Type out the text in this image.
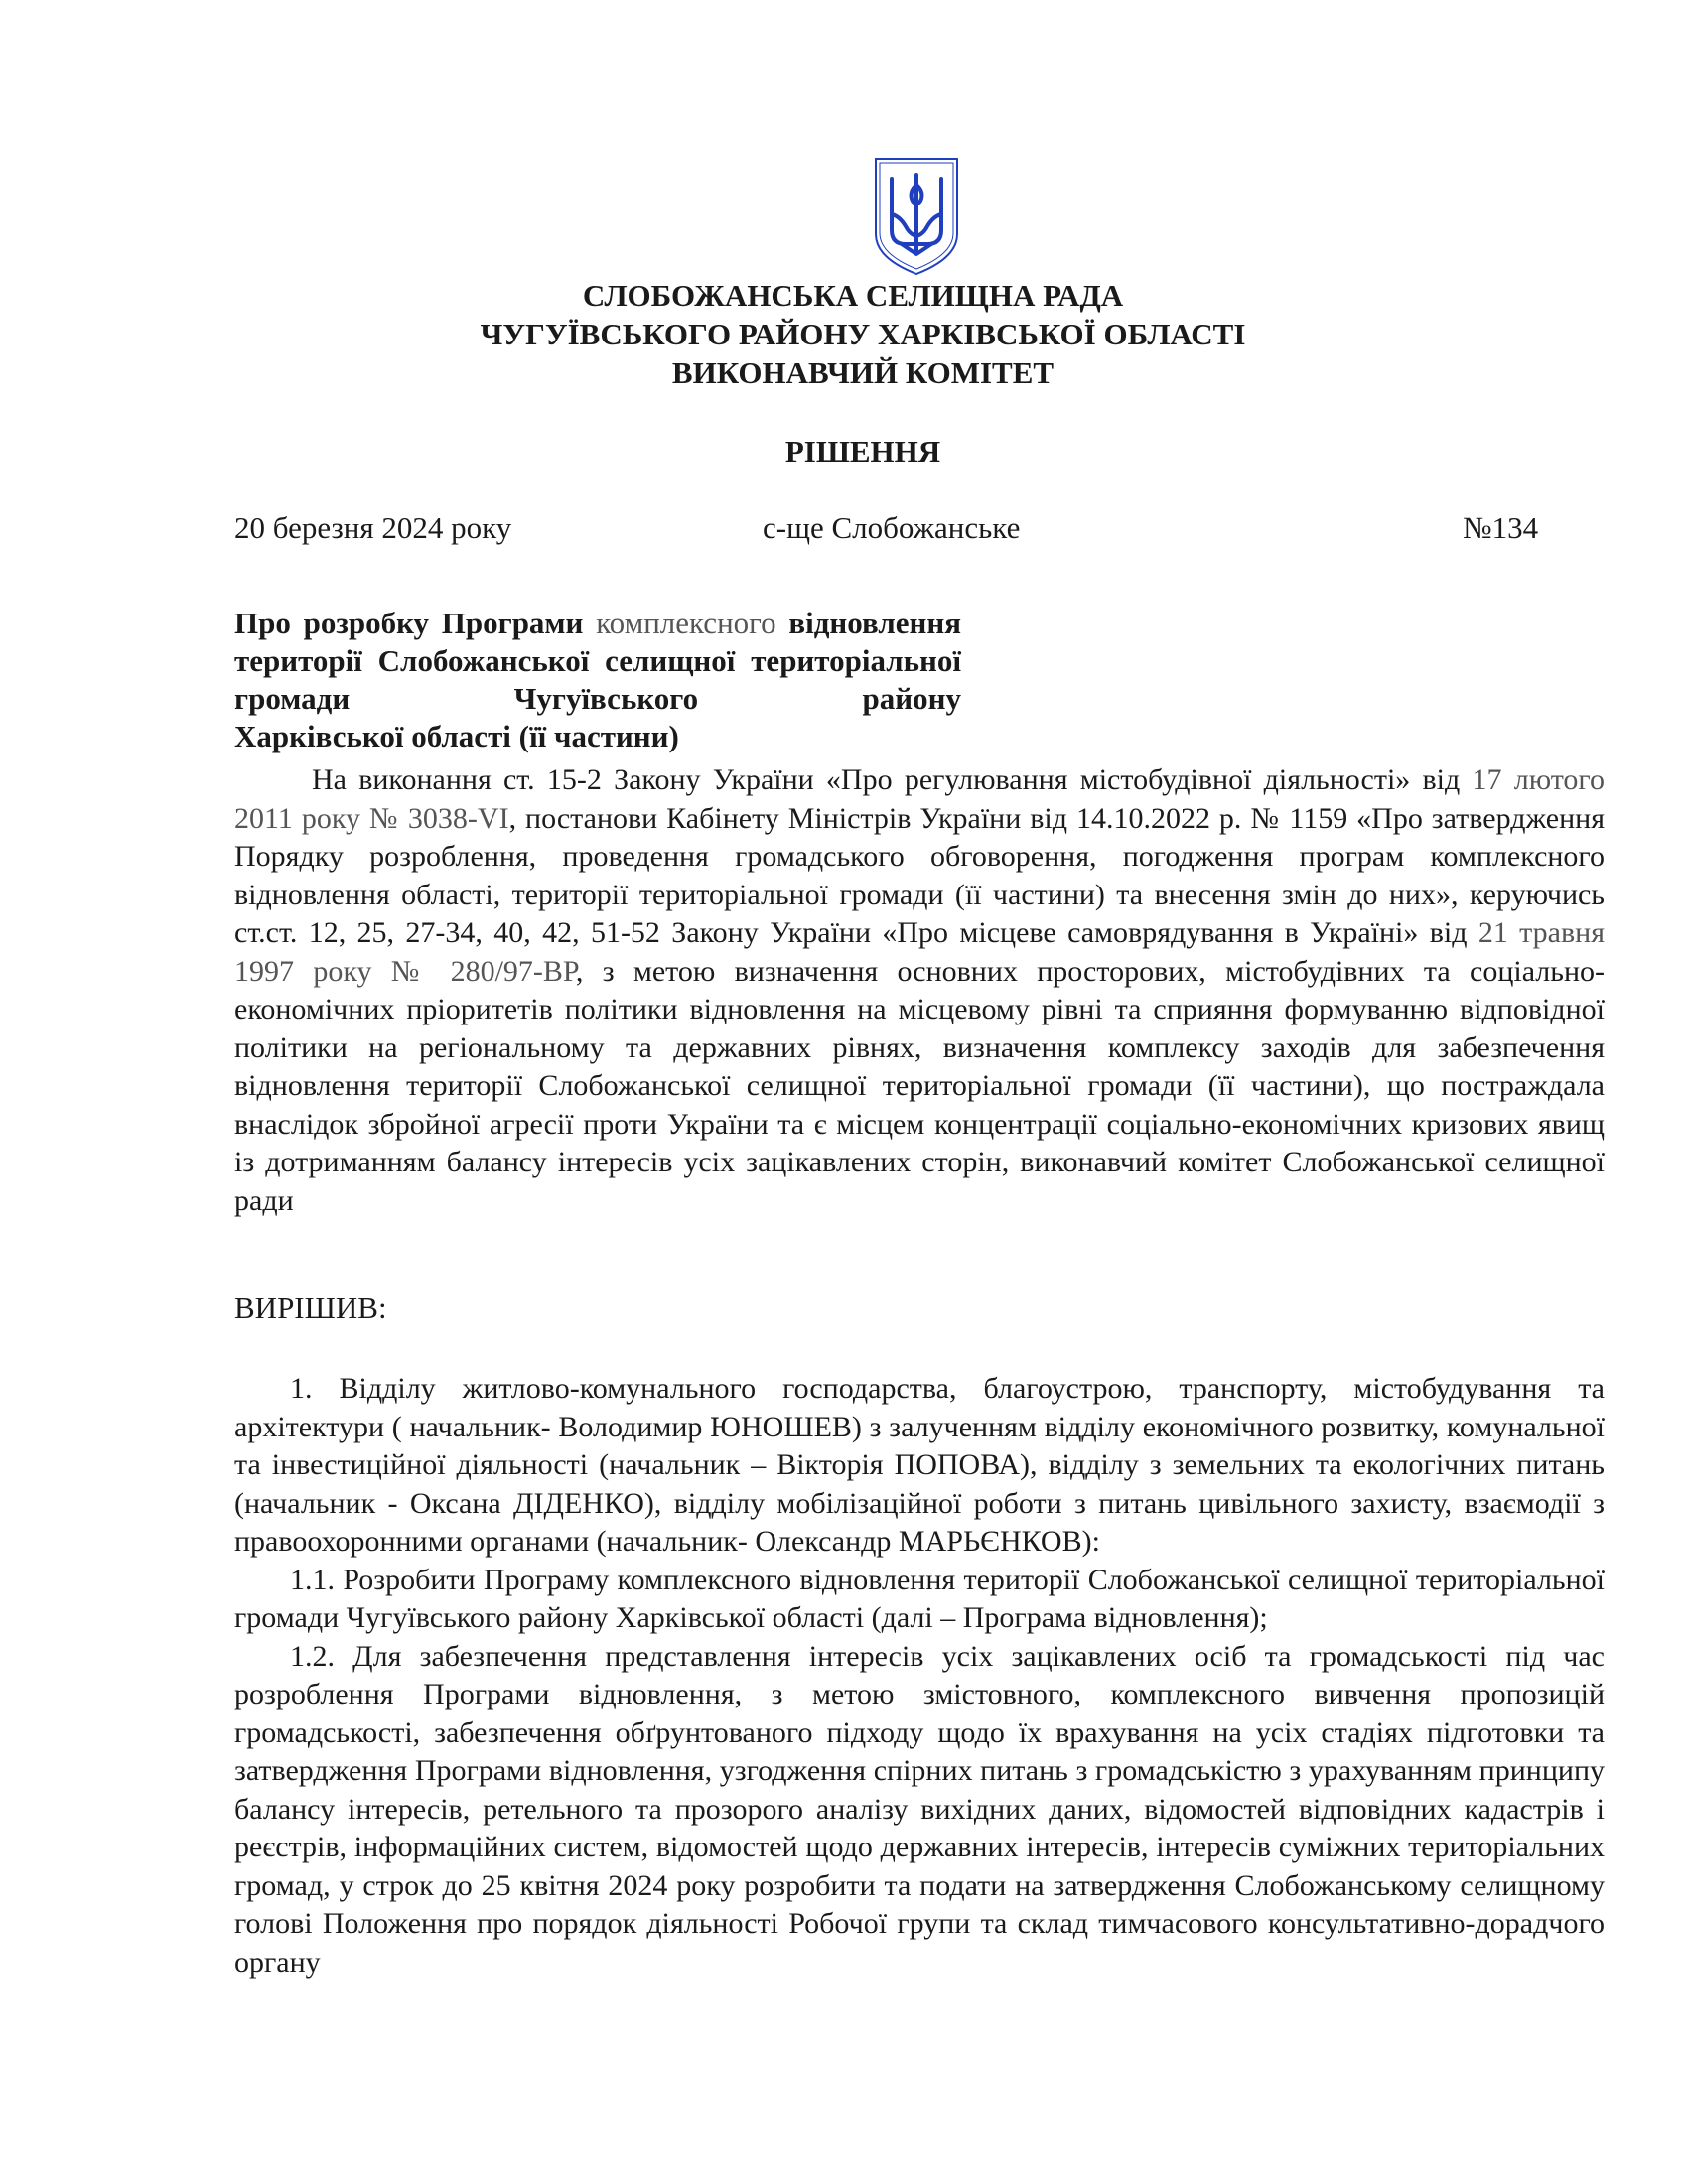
СЛОБОЖАНСЬКА СЕЛИЩНА РАДА
ЧУГУЇВСЬКОГО РАЙОНУ ХАРКІВСЬКОЇ ОБЛАСТІ
ВИКОНАВЧИЙ КОМІТЕТ
РІШЕННЯ
20 березня 2024 року	с-ще Слобожанське	№134
Про розробку Програми комплексного відновлення території Слобожанської селищної територіальної громади Чугуївського району
Харківської області (її частини)

На виконання ст. 15-2 Закону України «Про регулювання містобудівної діяльності» від 17 лютого 2011 року № 3038-VI, постанови Кабінету Міністрів України від 14.10.2022 р. № 1159 «Про затвердження Порядку розроблення, проведення громадського обговорення, погодження програм комплексного відновлення області, території територіальної громади (її частини) та внесення змін до них», керуючись ст.ст. 12, 25, 27-34, 40, 42, 51-52 Закону України «Про місцеве самоврядування в Україні» від 21 травня 1997 року № 280/97-ВР, з метою визначення основних просторових, містобудівних та соціально-економічних пріоритетів політики відновлення на місцевому рівні та сприяння формуванню відповідної політики на регіональному та державних рівнях, визначення комплексу заходів для забезпечення відновлення території Слобожанської селищної територіальної громади (її частини), що постраждала внаслідок збройної агресії проти України та є місцем концентрації соціально-економічних кризових явищ із дотриманням балансу інтересів усіх зацікавлених сторін, виконавчий комітет Слобожанської селищної ради

ВИРІШИВ:

1. Відділу житлово-комунального господарства, благоустрою, транспорту, містобудування та архітектури ( начальник- Володимир ЮНОШЕВ) з залученням відділу економічного розвитку, комунальної та інвестиційної діяльності (начальник – Вікторія ПОПОВА), відділу з земельних та екологічних питань (начальник - Оксана ДІДЕНКО), відділу мобілізаційної роботи з питань цивільного захисту, взаємодії з правоохоронними органами (начальник- Олександр МАРЬЄНКОВ):

1.1. Розробити Програму комплексного відновлення території Слобожанської селищної територіальної громади Чугуївського району Харківської області (далі – Програма відновлення);

1.2. Для забезпечення представлення інтересів усіх зацікавлених осіб та громадськості під час розроблення Програми відновлення, з метою змістовного, комплексного вивчення пропозицій громадськості, забезпечення обґрунтованого підходу щодо їх врахування на усіх стадіях підготовки та затвердження Програми відновлення, узгодження спірних питань з громадськістю з урахуванням принципу балансу інтересів, ретельного та прозорого аналізу вихідних даних, відомостей відповідних кадастрів і реєстрів, інформаційних систем, відомостей щодо державних інтересів, інтересів суміжних територіальних громад, у строк до 25 квітня 2024 року розробити та подати на затвердження Слобожанському селищному голові Положення про порядок діяльності Робочої групи та склад тимчасового консультативно-дорадчого органу
